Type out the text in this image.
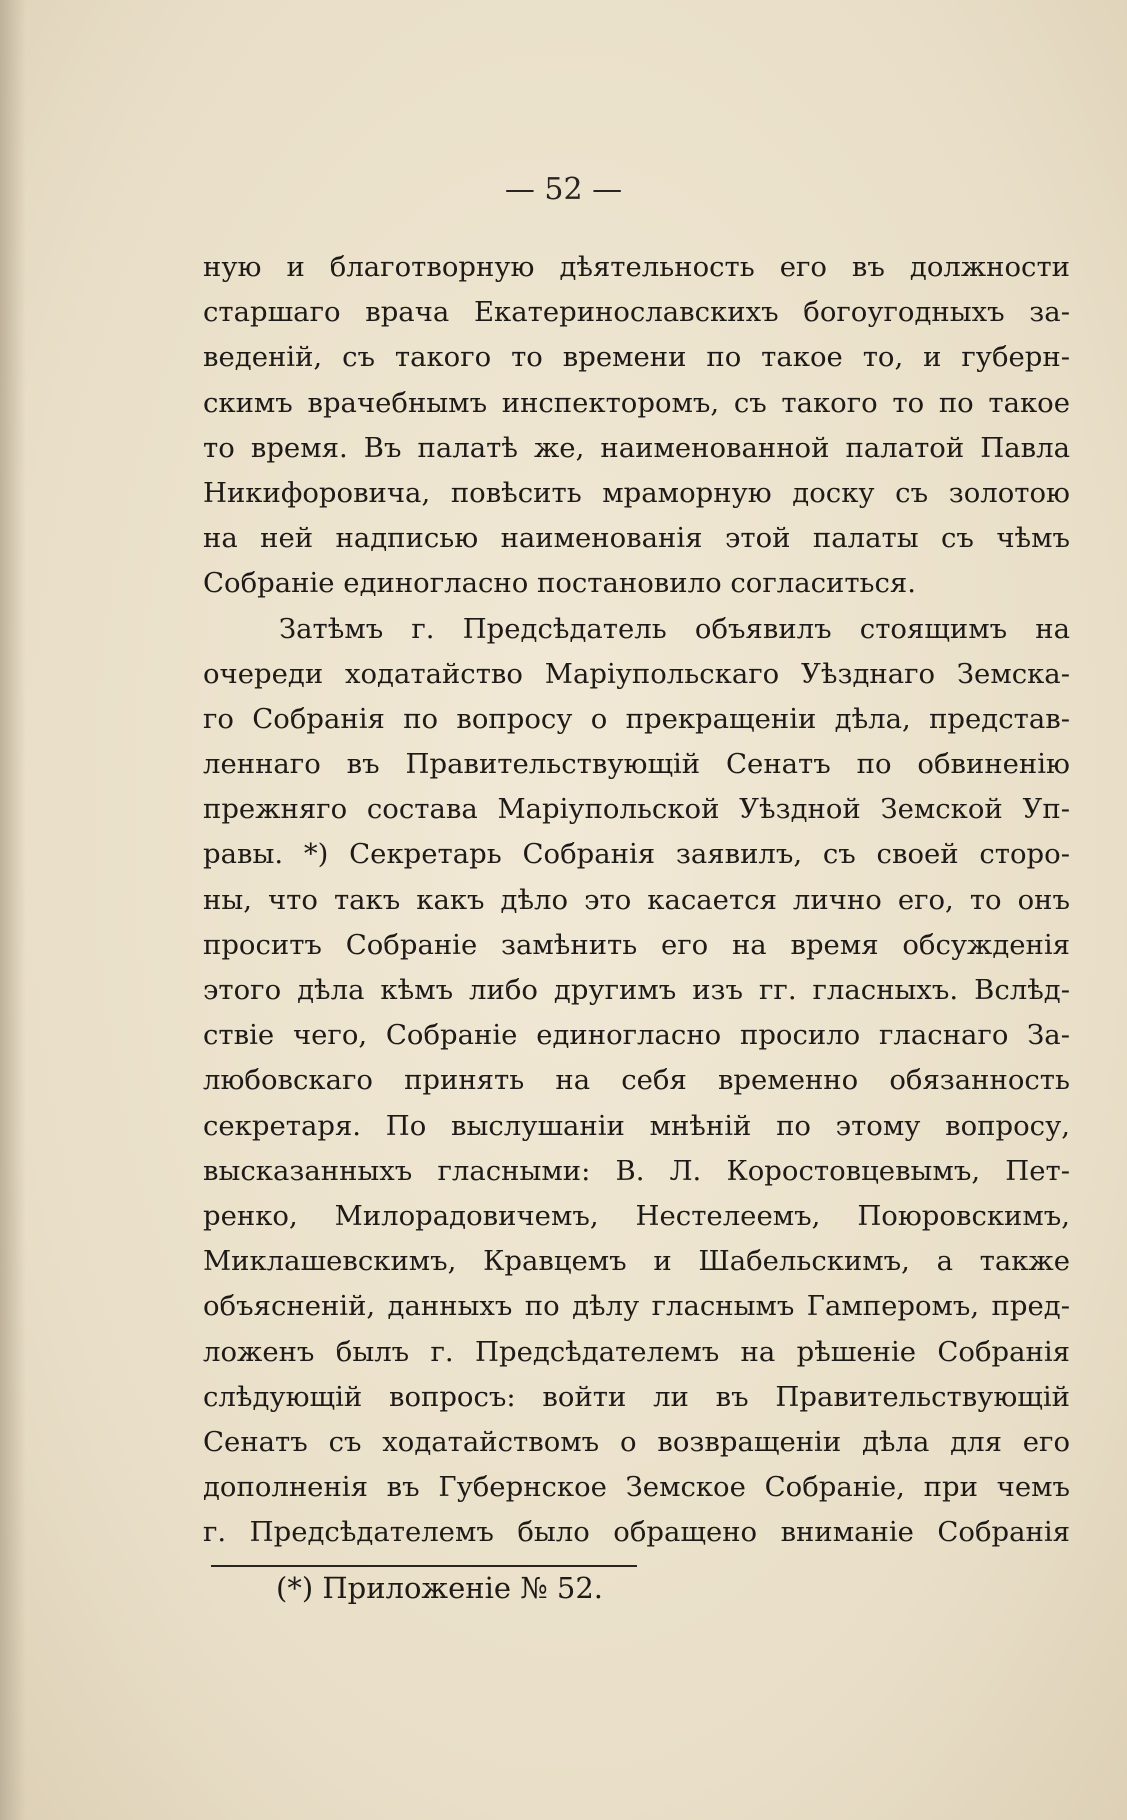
— 52 —
ную и благотворную дѣятельность его въ должности
старшаго врача Екатеринославскихъ богоугодныхъ за-
веденій, съ такого то времени по такое то, и губерн-
скимъ врачебнымъ инспекторомъ, съ такого то по такое
то время. Въ палатѣ же, наименованной палатой Павла
Никифоровича, повѣсить мраморную доску съ золотою
на ней надписью наименованія этой палаты съ чѣмъ
Собраніе единогласно постановило согласиться.
Затѣмъ г. Предсѣдатель объявилъ стоящимъ на
очереди ходатайство Маріупольскаго Уѣзднаго Земска-
го Собранія по вопросу о прекращеніи дѣла, представ-
леннаго въ Правительствующій Сенатъ по обвиненію
прежняго состава Маріупольской Уѣздной Земской Уп-
равы. *) Секретарь Собранія заявилъ, съ своей сторо-
ны, что такъ какъ дѣло это касается лично его, то онъ
проситъ Собраніе замѣнить его на время обсужденія
этого дѣла кѣмъ либо другимъ изъ гг. гласныхъ. Вслѣд-
ствіе чего, Собраніе единогласно просило гласнаго За-
любовскаго принять на себя временно обязанность
секретаря. По выслушаніи мнѣній по этому вопросу,
высказанныхъ гласными: В. Л. Коростовцевымъ, Пет-
ренко, Милорадовичемъ, Нестелеемъ, Поюровскимъ,
Миклашевскимъ, Кравцемъ и Шабельскимъ, а также
объясненій, данныхъ по дѣлу гласнымъ Гамперомъ, пред-
ложенъ былъ г. Предсѣдателемъ на рѣшеніе Собранія
слѣдующій вопросъ: войти ли въ Правительствующій
Сенатъ съ ходатайствомъ о возвращеніи дѣла для его
дополненія въ Губернское Земское Собраніе, при чемъ
г. Предсѣдателемъ было обращено вниманіе Собранія
(*) Приложеніе № 52.
